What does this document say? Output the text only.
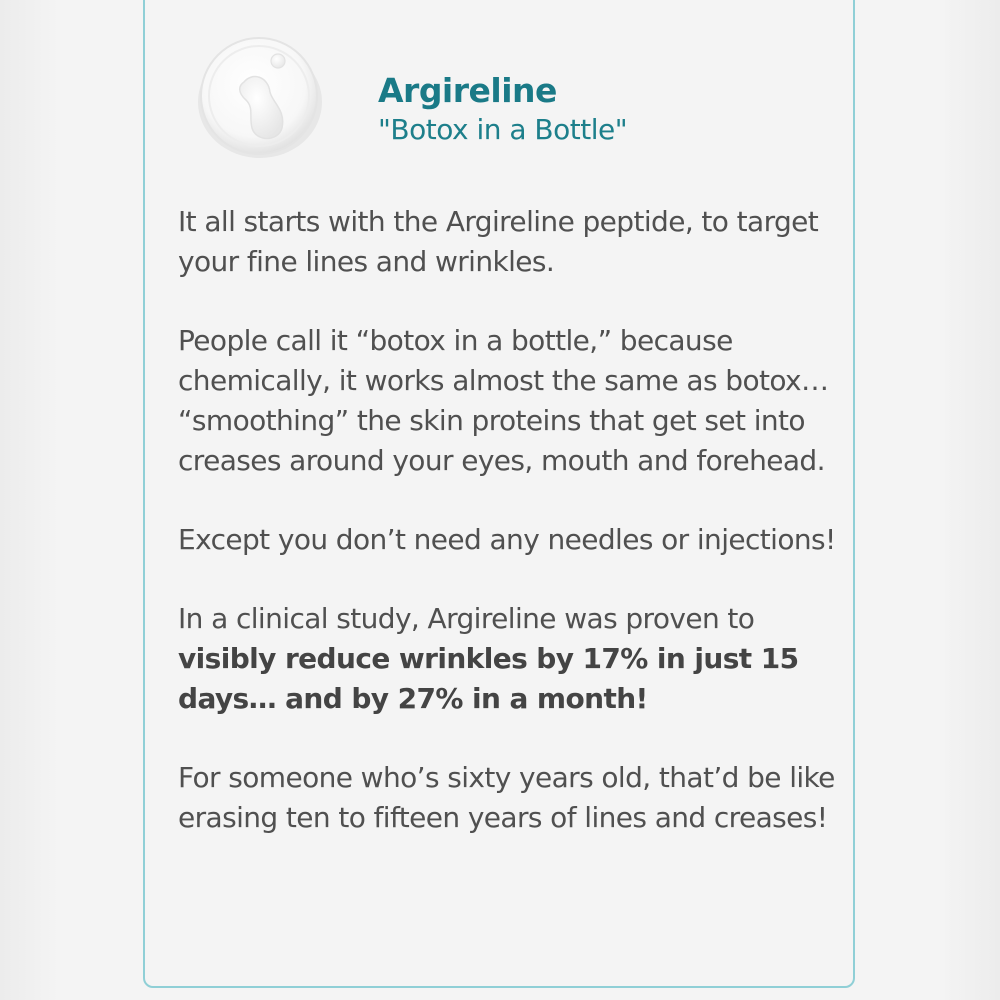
Argireline
"Botox in a Bottle"

It all starts with the Argireline peptide, to target your fine lines and wrinkles.

People call it “botox in a bottle,” because chemically, it works almost the same as botox… “smoothing” the skin proteins that get set into creases around your eyes, mouth and forehead.

Except you don’t need any needles or injections!

In a clinical study, Argireline was proven to visibly reduce wrinkles by 17% in just 15 days… and by 27% in a month!

For someone who’s sixty years old, that’d be like erasing ten to fifteen years of lines and creases!
